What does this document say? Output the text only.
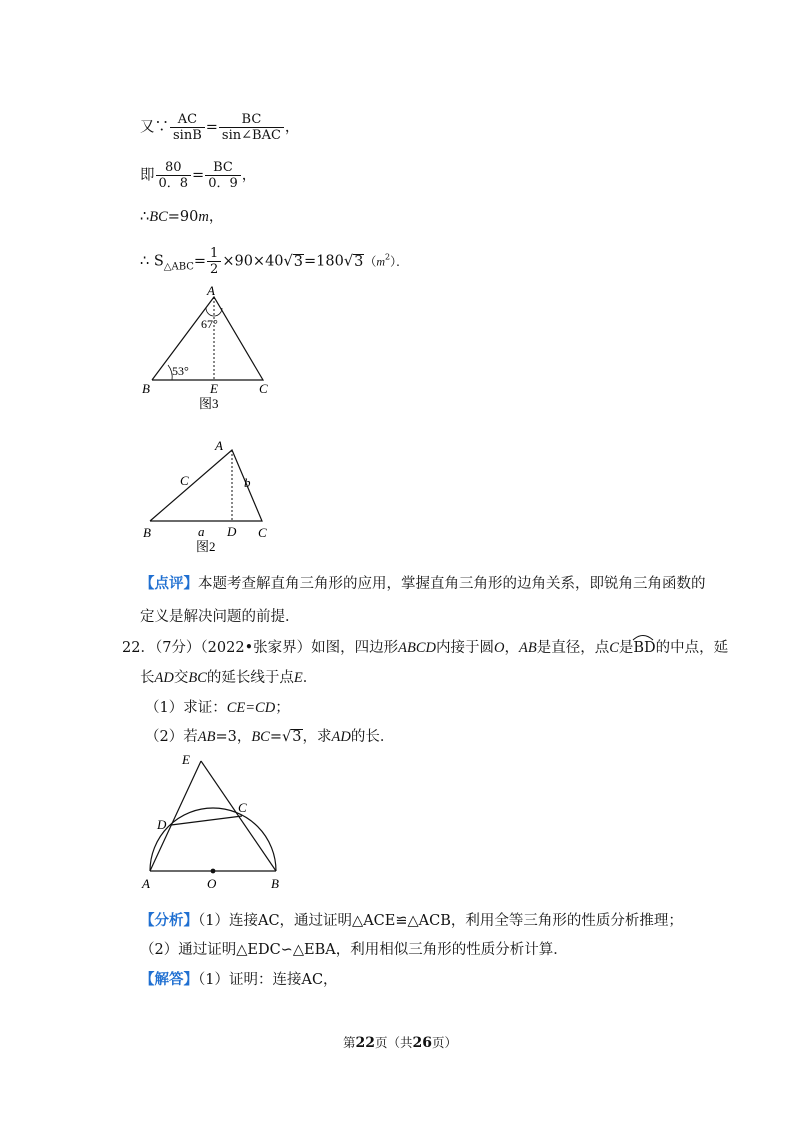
又∵ $\frac{AC}{\sin B} = \frac{BC}{\text{sin∠BAC}}$ ，
即 $\frac{80}{0.8} = \frac{BC}{0.9}$ ，
∴BC=90m，
∴ $S_{\triangle ABC}= \frac{1}{2} \times 90\times 40√3=180√3(m^2)$．
A
B	C
E
67°
53°
图3
A
B	C
D
C	b
a
图2
【点评】本题考查解直角三角形的应用，掌握直角三角形的边角关系，即锐角三角函数的
定义是解决问题的前提．
22．（7分）（2022•张家界）如图，四边形ABCD内接于圆O，AB是直径，点C是
BD的中点，延
长AD交BC的延长线于点E．
（1）求证：CE=CD；
（2）若AB=3，BC=√3，求AD的长．
E
C
D
A	O	B
【分析】（1）连接AC，通过证明△ACE≌△ACB，利用全等三角形的性质分析推理；
（2）通过证明△EDC∽△EBA，利用相似三角形的性质分析计算．
【解答】（1）证明：连接AC，
第22页（共26页）
